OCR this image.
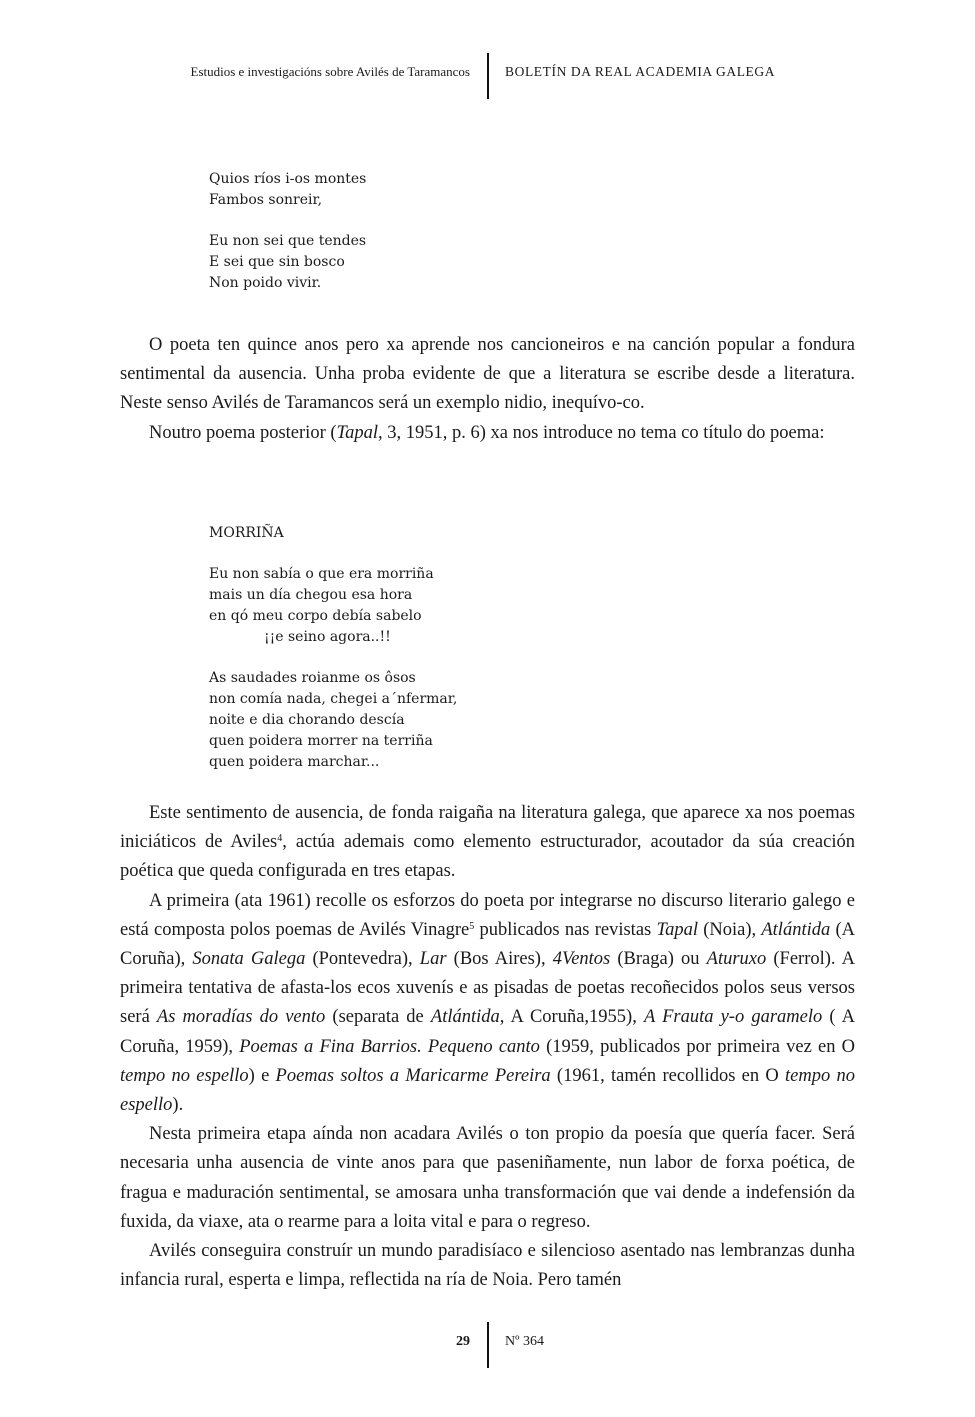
Estudios e investigacións sobre Avilés de Taramancos	BOLETÍN DA REAL ACADEMIA GALEGA
Quios ríos i-os montes
Fambos sonreir,
Eu non sei que tendes
E sei que sin bosco
Non poido vivir.

O poeta ten quince anos pero xa aprende nos cancioneiros e na canción popular a fondura sentimental da ausencia. Unha proba evidente de que a literatura se escribe desde a literatura. Neste senso Avilés de Taramancos será un exemplo nidio, inequívo-co.

Noutro poema posterior (Tapal, 3, 1951, p. 6) xa nos introduce no tema co título do poema:

MORRIÑA
Eu non sabía o que era morriña
mais un día chegou esa hora
en qó meu corpo debía sabelo
¡¡e seino agora..!!
As saudades roianme os ôsos
non comía nada, chegei a´nfermar,
noite e dia chorando descía
quen poidera morrer na terriña
quen poidera marchar...

Este sentimento de ausencia, de fonda raigaña na literatura galega, que aparece xa nos poemas iniciáticos de Aviles$^4$, actúa ademais como elemento estructurador, acoutador da súa creación poética que queda configurada en tres etapas.

A primeira (ata 1961) recolle os esforzos do poeta por integrarse no discurso literario galego e está composta polos poemas de Avilés Vinagre$^5$ publicados nas revistas Tapal (Noia), Atlántida (A Coruña), Sonata Galega (Pontevedra), Lar (Bos Aires), 4Ventos (Braga) ou Aturuxo (Ferrol). A primeira tentativa de afasta-los ecos xuvenís e as pisadas de poetas recoñecidos polos seus versos será As moradías do vento (separata de Atlántida, A Coruña,1955), A Frauta y-o garamelo ( A Coruña, 1959), Poemas a Fina Barrios. Pequeno canto (1959, publicados por primeira vez en O tempo no espello) e Poemas soltos a Maricarme Pereira (1961, tamén recollidos en O tempo no espello).

Nesta primeira etapa aínda non acadara Avilés o ton propio da poesía que quería facer. Será necesaria unha ausencia de vinte anos para que paseniñamente, nun labor de forxa poética, de fragua e maduración sentimental, se amosara unha transformación que vai dende a indefensión da fuxida, da viaxe, ata o rearme para a loita vital e para o regreso.

Avilés conseguira construír un mundo paradisíaco e silencioso asentado nas lembranzas dunha infancia rural, esperta e limpa, reflectida na ría de Noia. Pero tamén

29	Nº 364
